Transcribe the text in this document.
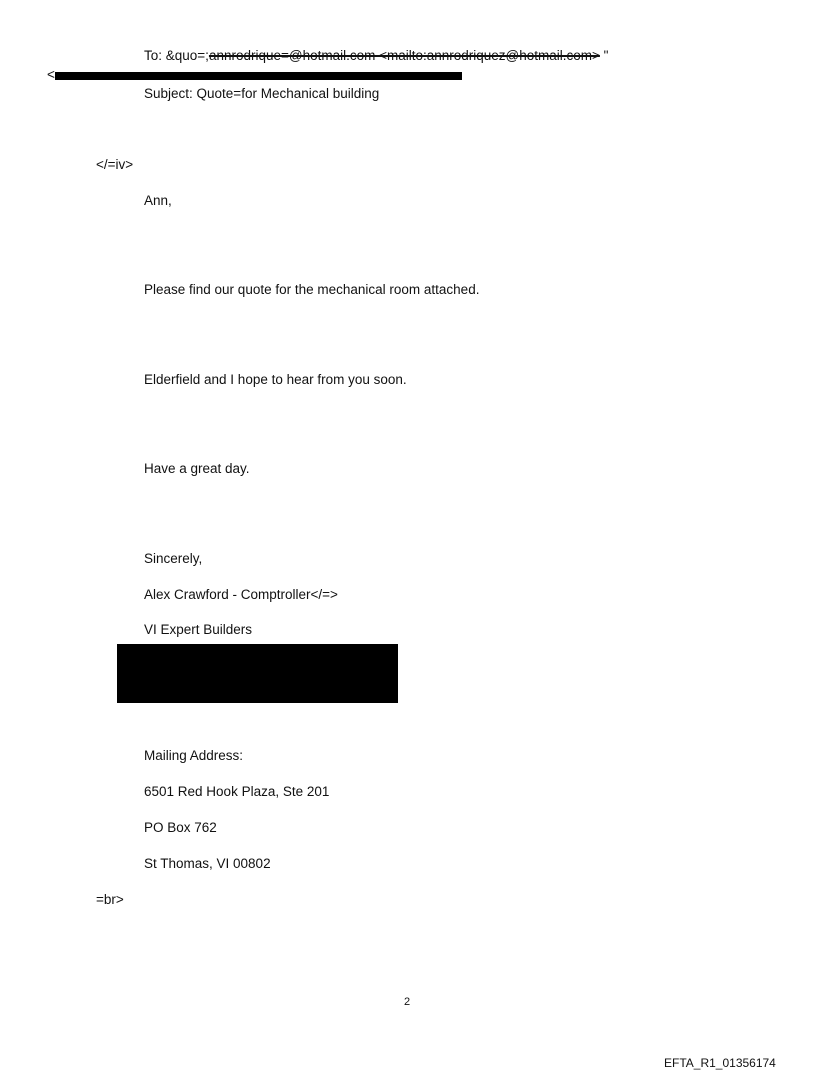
To: &quo=;annrodrique=@hotmail.com <mailto:annrodriquez@hotmail.com> "
<
Subject: Quote=for Mechanical building
</=iv>
Ann,
Please find our quote for the mechanical room attached.
Elderfield and I hope to hear from you soon.
Have a great day.
Sincerely,
Alex Crawford - Comptroller</=>
VI Expert Builders
Mailing Address:
6501 Red Hook Plaza, Ste 201
PO Box 762
St Thomas, VI 00802
=br>
2
EFTA_R1_01356174
